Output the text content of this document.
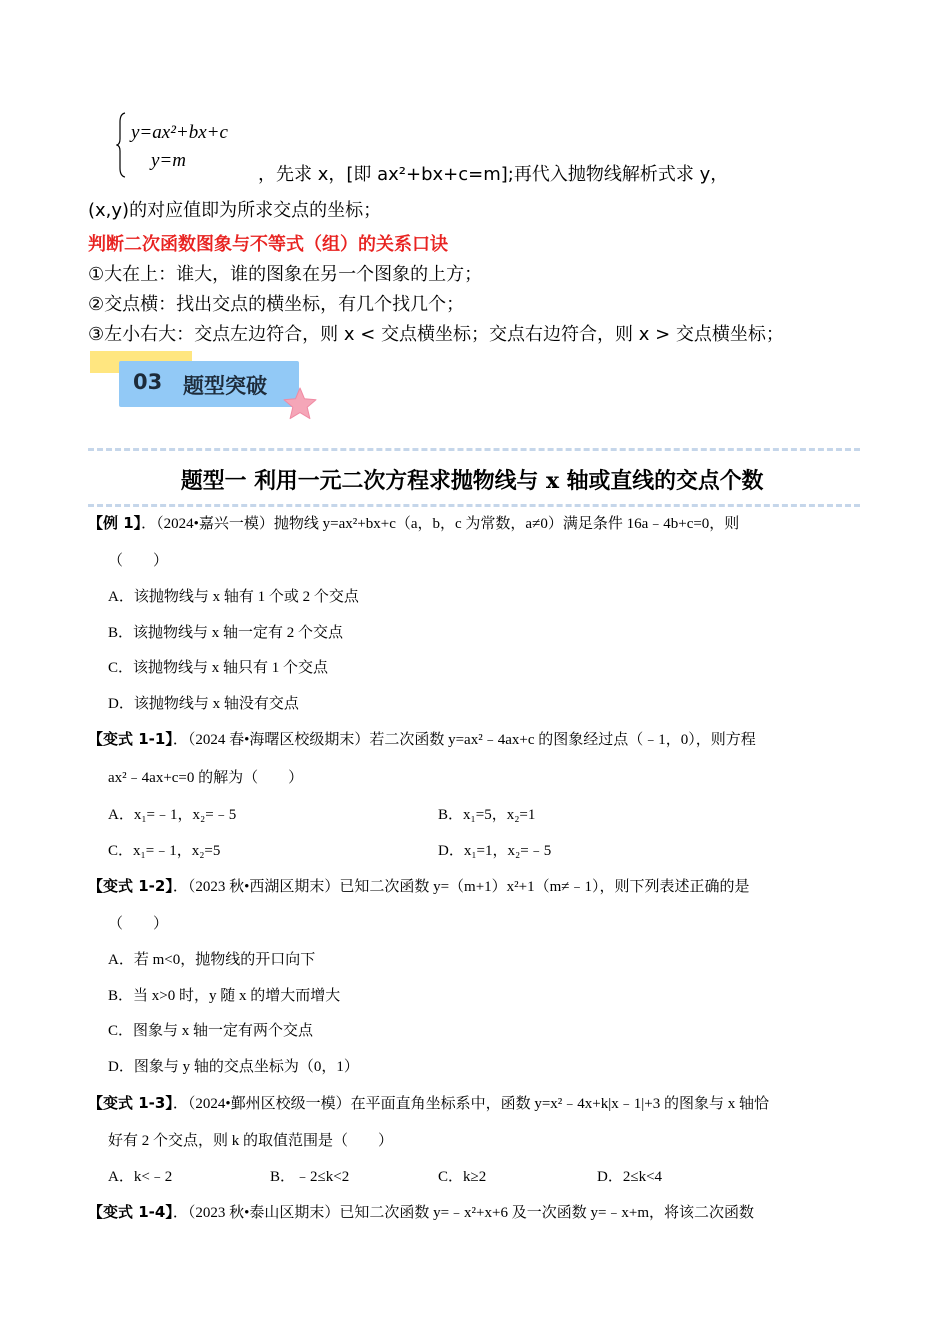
y=ax²+bx+c
y=m
，先求 x，[即 ax²+bx+c=m];再代入抛物线解析式求 y，
(x,y)的对应值即为所求交点的坐标；
判断二次函数图象与不等式（组）的关系口诀
①大在上：谁大，谁的图象在另一个图象的上方；
②交点横：找出交点的横坐标，有几个找几个；
③左小右大：交点左边符合，则 x < 交点横坐标；交点右边符合，则 x > 交点横坐标；
03 题型突破
题型一 利用一元二次方程求抛物线与 x 轴或直线的交点个数
【例 1】．（2024•嘉兴一模）抛物线 y=ax²+bx+c（a，b，c 为常数，a≠0）满足条件 16a﹣4b+c=0，则
（　　）
A．该抛物线与 x 轴有 1 个或 2 个交点
B．该抛物线与 x 轴一定有 2 个交点
C．该抛物线与 x 轴只有 1 个交点
D．该抛物线与 x 轴没有交点
【变式 1-1】．（2024 春•海曙区校级期末）若二次函数 y=ax²﹣4ax+c 的图象经过点（﹣1，0），则方程
ax²﹣4ax+c=0 的解为（　　）
A．x₁=﹣1，x₂=﹣5	B．x₁=5，x₂=1
C．x₁=﹣1，x₂=5	D．x₁=1，x₂=﹣5
【变式 1-2】．（2023 秋•西湖区期末）已知二次函数 y=（m+1）x²+1（m≠﹣1），则下列表述正确的是
（　　）
A．若 m<0，抛物线的开口向下
B．当 x>0 时，y 随 x 的增大而增大
C．图象与 x 轴一定有两个交点
D．图象与 y 轴的交点坐标为（0，1）
【变式 1-3】．（2024•鄞州区校级一模）在平面直角坐标系中，函数 y=x²﹣4x+k|x﹣1|+3 的图象与 x 轴恰
好有 2 个交点，则 k 的取值范围是（　　）
A．k<﹣2	B．﹣2≤k<2	C．k≥2	D．2≤k<4
【变式 1-4】．（2023 秋•泰山区期末）已知二次函数 y=﹣x²+x+6 及一次函数 y=﹣x+m，将该二次函数
